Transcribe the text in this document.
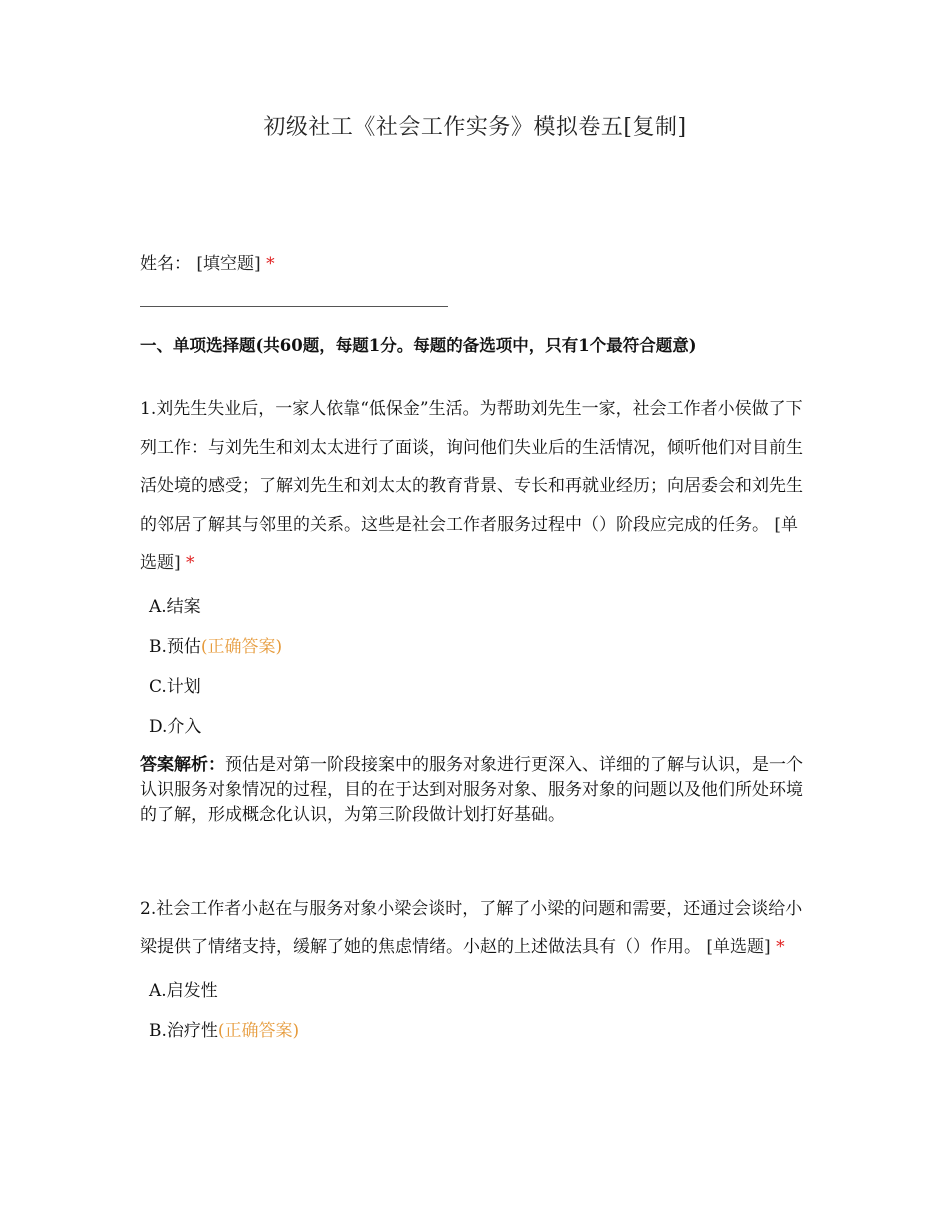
初级社工《社会工作实务》模拟卷五[复制]
姓名： [填空题] *
一、单项选择题(共60题，每题1分。每题的备选项中，只有1个最符合题意)
1.刘先生失业后，一家人依靠“低保金”生活。为帮助刘先生一家，社会工作者小侯做了下列工作：与刘先生和刘太太进行了面谈，询问他们失业后的生活情况，倾听他们对目前生活处境的感受；了解刘先生和刘太太的教育背景、专长和再就业经历；向居委会和刘先生的邻居了解其与邻里的关系。这些是社会工作者服务过程中（）阶段应完成的任务。 [单选题] *
A.结案
B.预估(正确答案)
C.计划
D.介入
答案解析：预估是对第一阶段接案中的服务对象进行更深入、详细的了解与认识，是一个认识服务对象情况的过程，目的在于达到对服务对象、服务对象的问题以及他们所处环境的了解，形成概念化认识，为第三阶段做计划打好基础。
2.社会工作者小赵在与服务对象小梁会谈时，了解了小梁的问题和需要，还通过会谈给小梁提供了情绪支持，缓解了她的焦虑情绪。小赵的上述做法具有（）作用。 [单选题] *
A.启发性
B.治疗性(正确答案)
